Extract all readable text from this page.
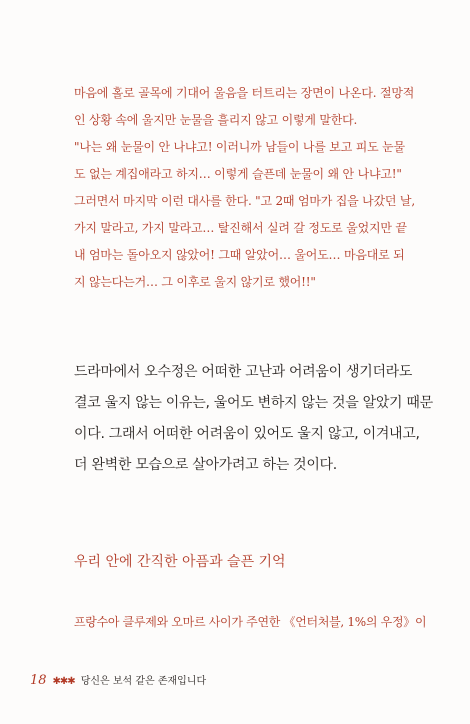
마음에 홀로 골목에 기대어 울음을 터트리는 장면이 나온다. 절망적
인 상황 속에 울지만 눈물을 흘리지 않고 이렇게 말한다.
"나는 왜 눈물이 안 나냐고! 이러니까 남들이 나를 보고 피도 눈물
도 없는 계집애라고 하지… 이렇게 슬픈데 눈물이 왜 안 나냐고!"
그러면서 마지막 이런 대사를 한다. "고 2때 엄마가 집을 나갔던 날,
가지 말라고, 가지 말라고… 탈진해서 실려 갈 정도로 울었지만 끝
내 엄마는 돌아오지 않았어! 그때 알았어… 울어도… 마음대로 되
지 않는다는거… 그 이후로 울지 않기로 했어!!"
드라마에서 오수정은 어떠한 고난과 어려움이 생기더라도
결코 울지 않는 이유는, 울어도 변하지 않는 것을 알았기 때문
이다. 그래서 어떠한 어려움이 있어도 울지 않고, 이겨내고,
더 완벽한 모습으로 살아가려고 하는 것이다.
우리 안에 간직한 아픔과 슬픈 기억
프랑수아 클루제와 오마르 사이가 주연한 《언터처블, 1%의 우정》이
18 ✱✱✱ 당신은 보석 같은 존재입니다
